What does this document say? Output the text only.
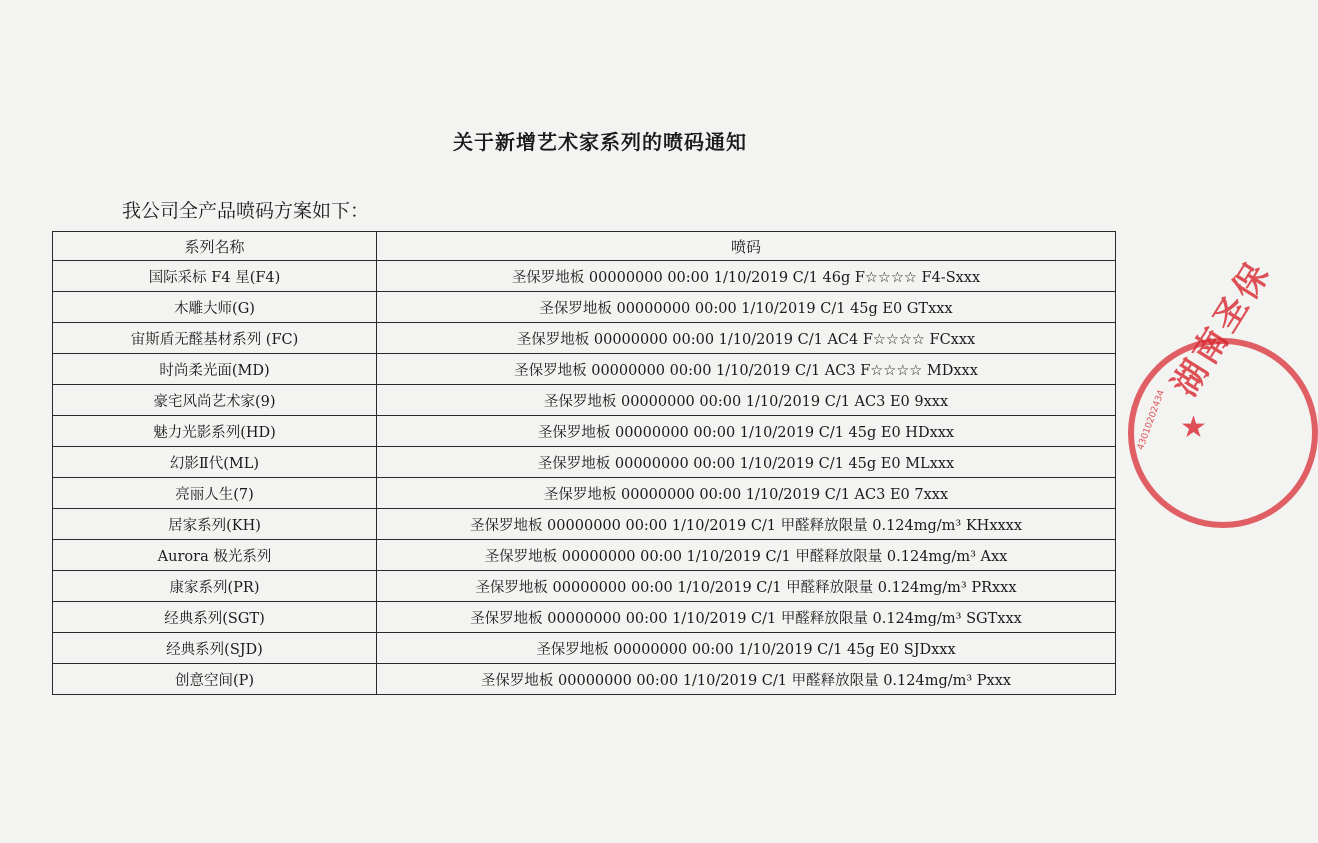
关于新增艺术家系列的喷码通知
我公司全产品喷码方案如下：
系列名称	喷码
国际采标 F4 星(F4)	圣保罗地板 00000000 00:00 1/10/2019 C/1 46g F☆☆☆☆ F4-Sxxx
木雕大师(G)	圣保罗地板 00000000 00:00 1/10/2019 C/1 45g E0 GTxxx
宙斯盾无醛基材系列 (FC)	圣保罗地板 00000000 00:00 1/10/2019 C/1 AC4 F☆☆☆☆ FCxxx
时尚柔光面(MD)	圣保罗地板 00000000 00:00 1/10/2019 C/1 AC3 F☆☆☆☆ MDxxx
豪宅风尚艺术家(9)	圣保罗地板 00000000 00:00 1/10/2019 C/1 AC3 E0 9xxx
魅力光影系列(HD)	圣保罗地板 00000000 00:00 1/10/2019 C/1 45g E0 HDxxx
幻影Ⅱ代(ML)	圣保罗地板 00000000 00:00 1/10/2019 C/1 45g E0 MLxxx
亮丽人生(7)	圣保罗地板 00000000 00:00 1/10/2019 C/1 AC3 E0 7xxx
居家系列(KH)	圣保罗地板 00000000 00:00 1/10/2019 C/1 甲醛释放限量 0.124mg/m³ KHxxxx
Aurora 极光系列	圣保罗地板 00000000 00:00 1/10/2019 C/1 甲醛释放限量 0.124mg/m³ Axx
康家系列(PR)	圣保罗地板 00000000 00:00 1/10/2019 C/1 甲醛释放限量 0.124mg/m³ PRxxx
经典系列(SGT)	圣保罗地板 00000000 00:00 1/10/2019 C/1 甲醛释放限量 0.124mg/m³ SGTxxx
经典系列(SJD)	圣保罗地板 00000000 00:00 1/10/2019 C/1 45g E0 SJDxxx
创意空间(P)	圣保罗地板 00000000 00:00 1/10/2019 C/1 甲醛释放限量 0.124mg/m³ Pxxx
湖南圣保
★
43010202434
